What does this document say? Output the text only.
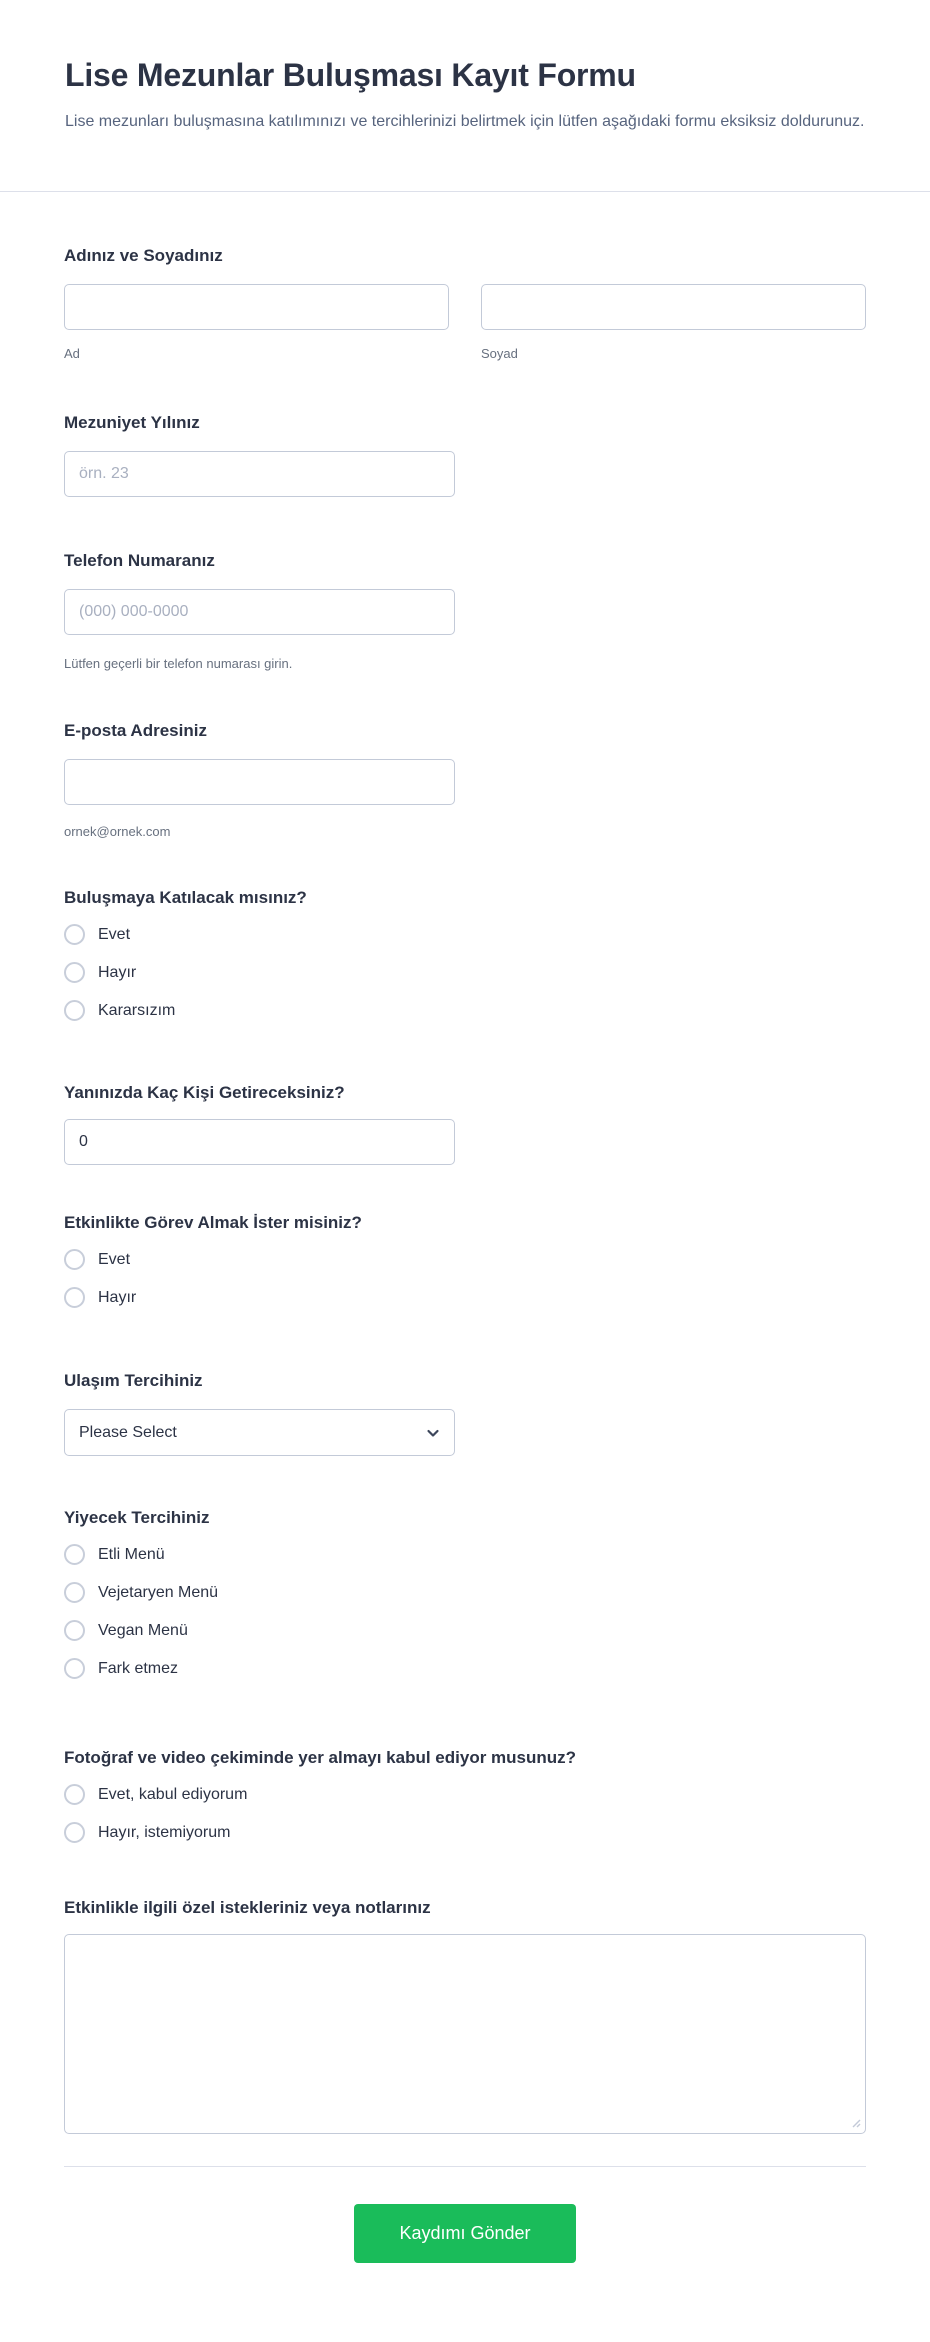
Lise Mezunlar Buluşması Kayıt Formu

Lise mezunları buluşmasına katılımınızı ve tercihlerinizi belirtmek için lütfen aşağıdaki formu eksiksiz doldurunuz.

Adınız ve Soyadınız
Ad	Soyad
Mezuniyet Yılınız
örn. 23
Telefon Numaranız
(000) 000-0000
Lütfen geçerli bir telefon numarası girin.
E-posta Adresiniz
ornek@ornek.com
Buluşmaya Katılacak mısınız?
Evet
Hayır
Kararsızım
Yanınızda Kaç Kişi Getireceksiniz?
0
Etkinlikte Görev Almak İster misiniz?
Evet
Hayır
Ulaşım Tercihiniz
Please Select
Yiyecek Tercihiniz
Etli Menü
Vejetaryen Menü
Vegan Menü
Fark etmez
Fotoğraf ve video çekiminde yer almayı kabul ediyor musunuz?
Evet, kabul ediyorum
Hayır, istemiyorum
Etkinlikle ilgili özel istekleriniz veya notlarınız
Kaydımı Gönder
